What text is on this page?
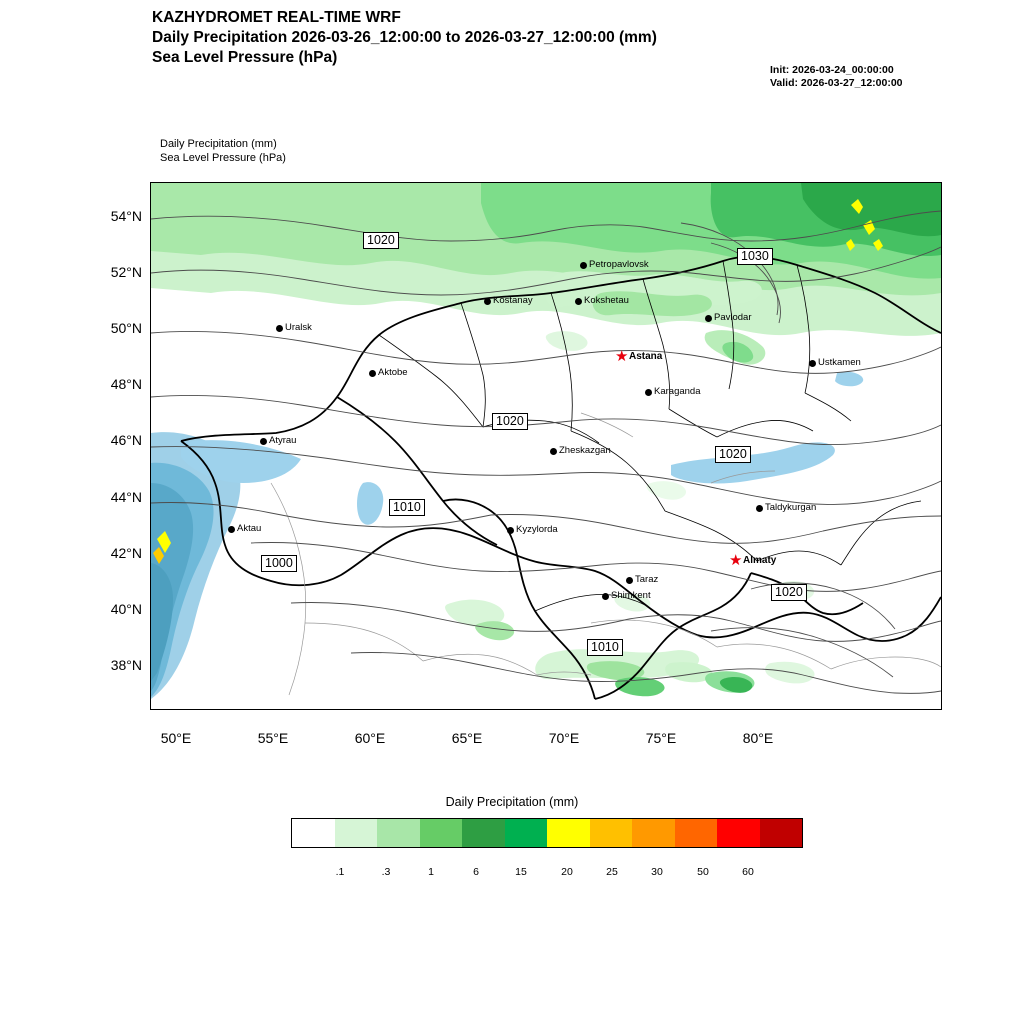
KAZHYDROMET REAL-TIME WRF
Daily Precipitation 2026-03-26_12:00:00 to 2026-03-27_12:00:00 (mm)
Sea Level Pressure (hPa)
Init: 2026-03-24_00:00:00
Valid: 2026-03-27_12:00:00
Daily Precipitation (mm)
Sea Level Pressure (hPa)
1020
1030
1020
1020
1010
1000
1020
1010
Petropavlovsk
Kostanay	Kokshetau
Pavlodar
Uralsk
★ Astana
Ustkamen
Aktobe
Karaganda
Atyrau
Zheskazgan
Taldykurgan
Aktau	Kyzylorda
★ Almaty
Taraz
Shimkent
54°N
52°N
50°N
48°N
46°N
44°N
42°N
40°N
38°N
50°E	55°E	60°E	65°E	70°E	75°E	80°E
Daily Precipitation (mm)
.1	.3	1	6	15	20	25	30	50	60
